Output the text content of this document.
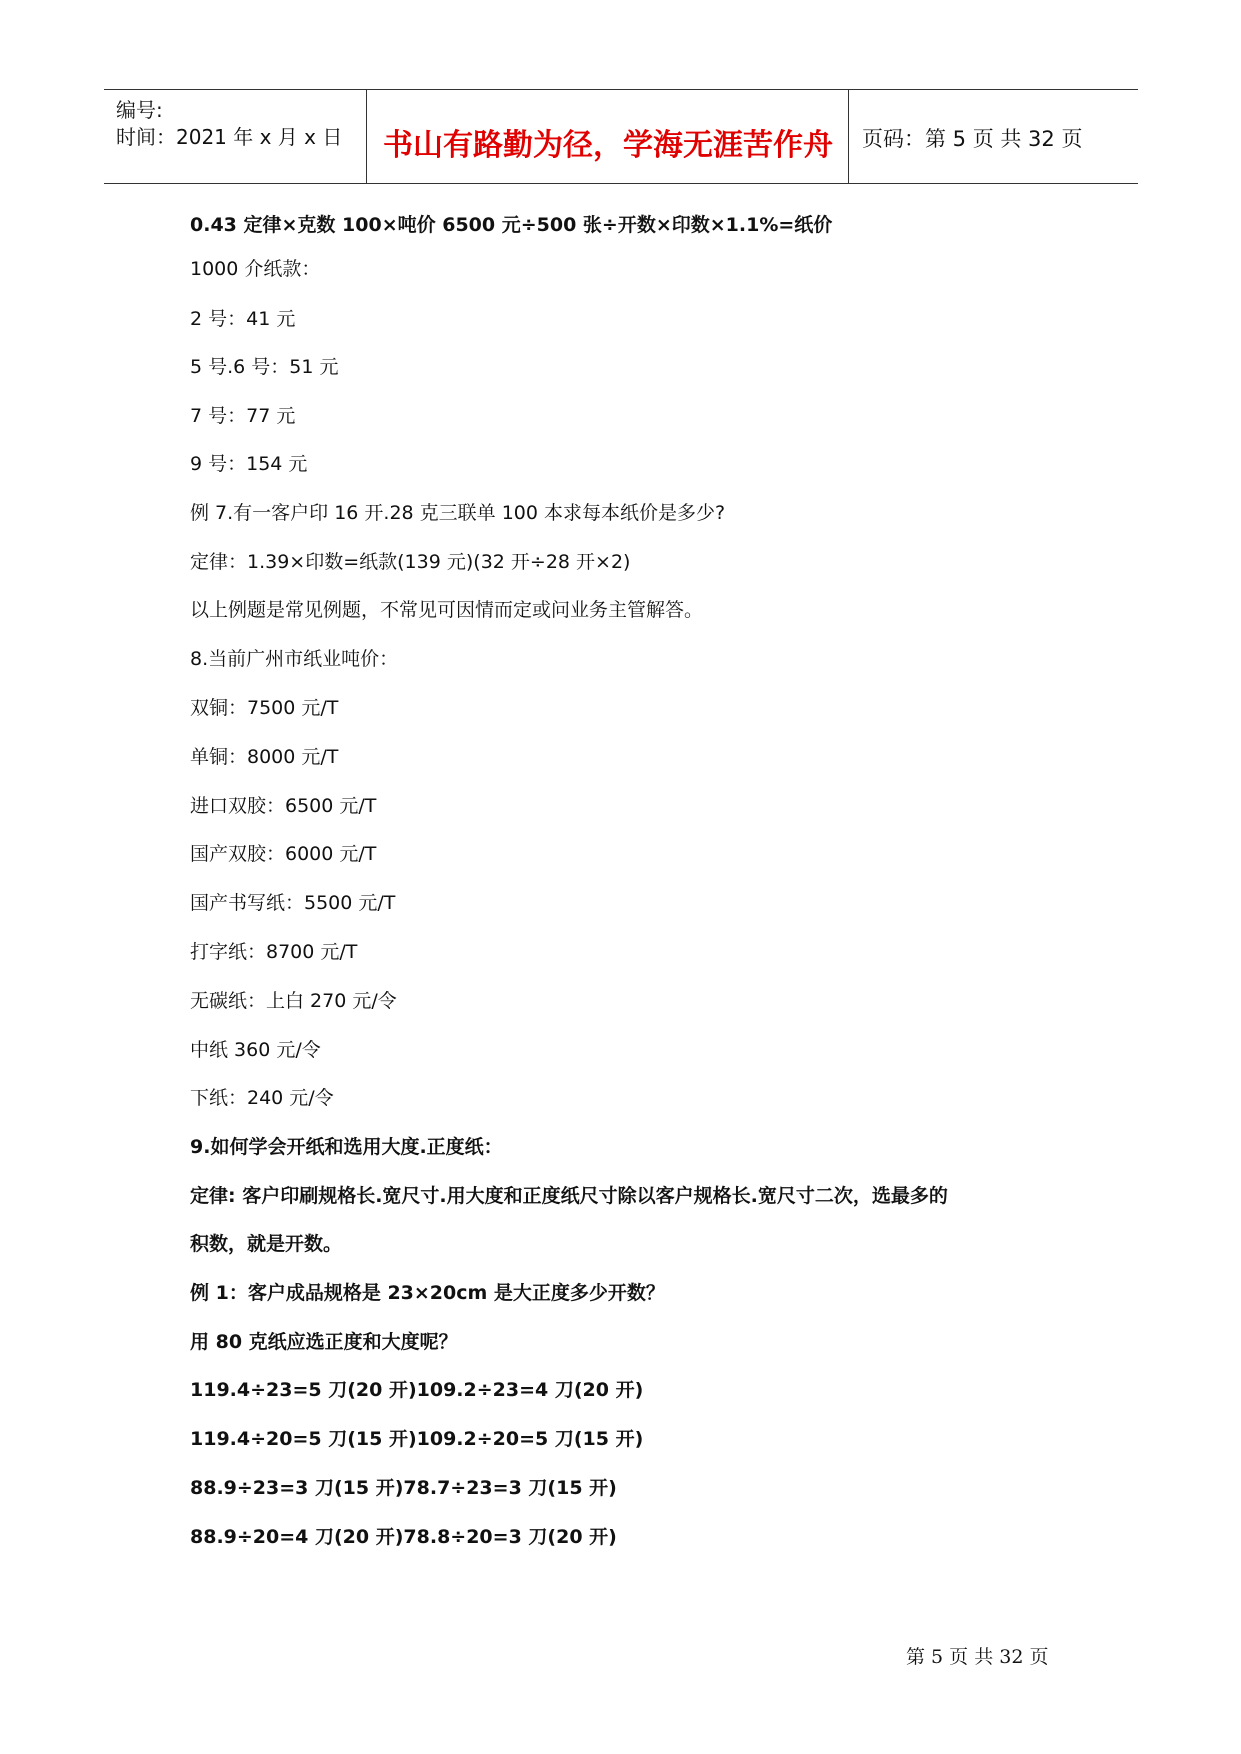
编号:
时间：2021 年 x 月 x 日	书山有路勤为径，学海无涯苦作舟	页码：第 5 页 共 32 页
0.43 定律×克数 100×吨价 6500 元÷500 张÷开数×印数×1.1%=纸价
1000 介纸款：
2 号：41 元
5 号.6 号：51 元
7 号：77 元
9 号：154 元
例 7.有一客户印 16 开.28 克三联单 100 本求每本纸价是多少?
定律：1.39×印数=纸款(139 元)(32 开÷28 开×2)
以上例题是常见例题，不常见可因情而定或问业务主管解答。
8.当前广州市纸业吨价：
双铜：7500 元/T
单铜：8000 元/T
进口双胶：6500 元/T
国产双胶：6000 元/T
国产书写纸：5500 元/T
打字纸：8700 元/T
无碳纸：上白 270 元/令
中纸 360 元/令
下纸：240 元/令
9.如何学会开纸和选用大度.正度纸：
定律: 客户印刷规格长.宽尺寸.用大度和正度纸尺寸除以客户规格长.宽尺寸二次，选最多的
积数，就是开数。
例 1：客户成品规格是 23×20cm 是大正度多少开数？
用 80 克纸应选正度和大度呢？
119.4÷23=5 刀(20 开)109.2÷23=4 刀(20 开)
119.4÷20=5 刀(15 开)109.2÷20=5 刀(15 开)
88.9÷23=3 刀(15 开)78.7÷23=3 刀(15 开)
88.9÷20=4 刀(20 开)78.8÷20=3 刀(20 开)
第 5 页 共 32 页
